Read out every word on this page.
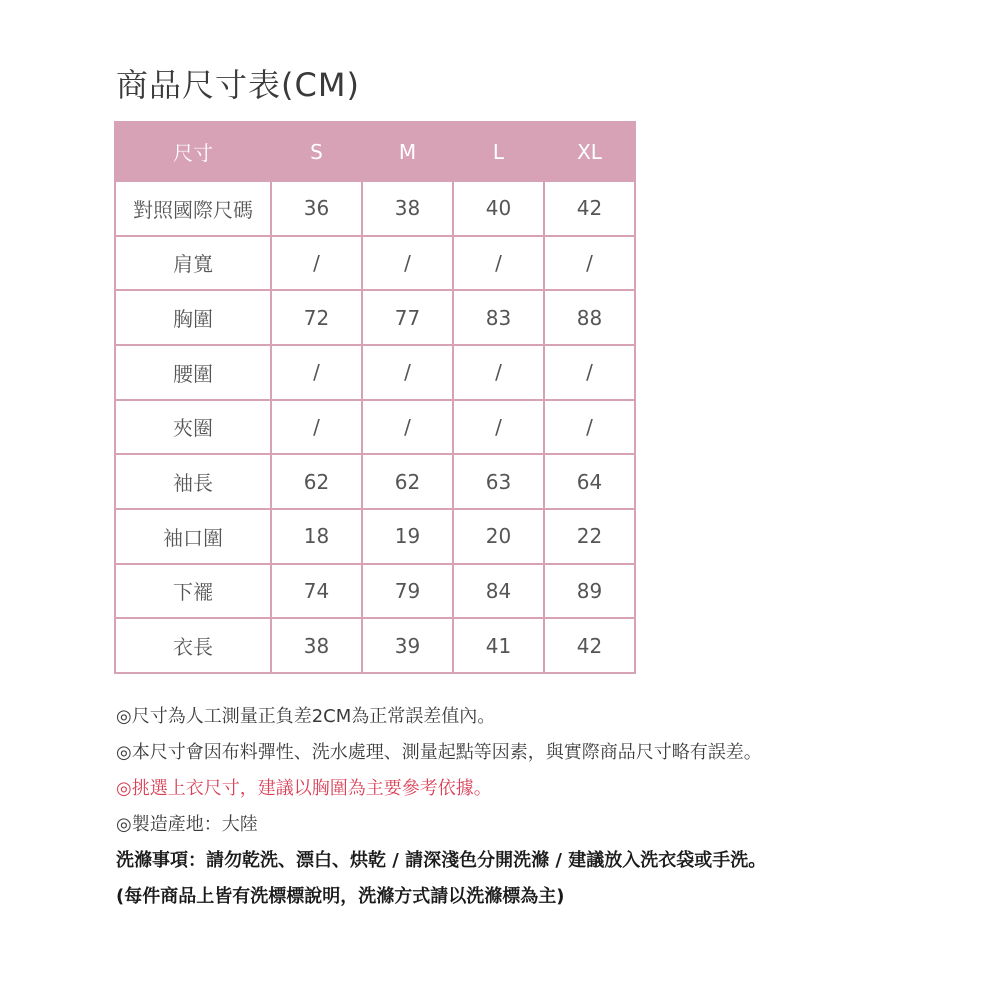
商品尺寸表(CM)
尺寸	S	M	L	XL
對照國際尺碼	36	38	40	42
肩寬	/	/	/	/
胸圍	72	77	83	88
腰圍	/	/	/	/
夾圈	/	/	/	/
袖長	62	62	63	64
袖口圍	18	19	20	22
下襬	74	79	84	89
衣長	38	39	41	42
◎尺寸為人工測量正負差2CM為正常誤差值內。
◎本尺寸會因布料彈性、洗水處理、測量起點等因素，與實際商品尺寸略有誤差。
◎挑選上衣尺寸，建議以胸圍為主要參考依據。
◎製造產地：大陸
洗滌事項：請勿乾洗、漂白、烘乾 / 請深淺色分開洗滌 / 建議放入洗衣袋或手洗。
(每件商品上皆有洗標標說明，洗滌方式請以洗滌標為主)
